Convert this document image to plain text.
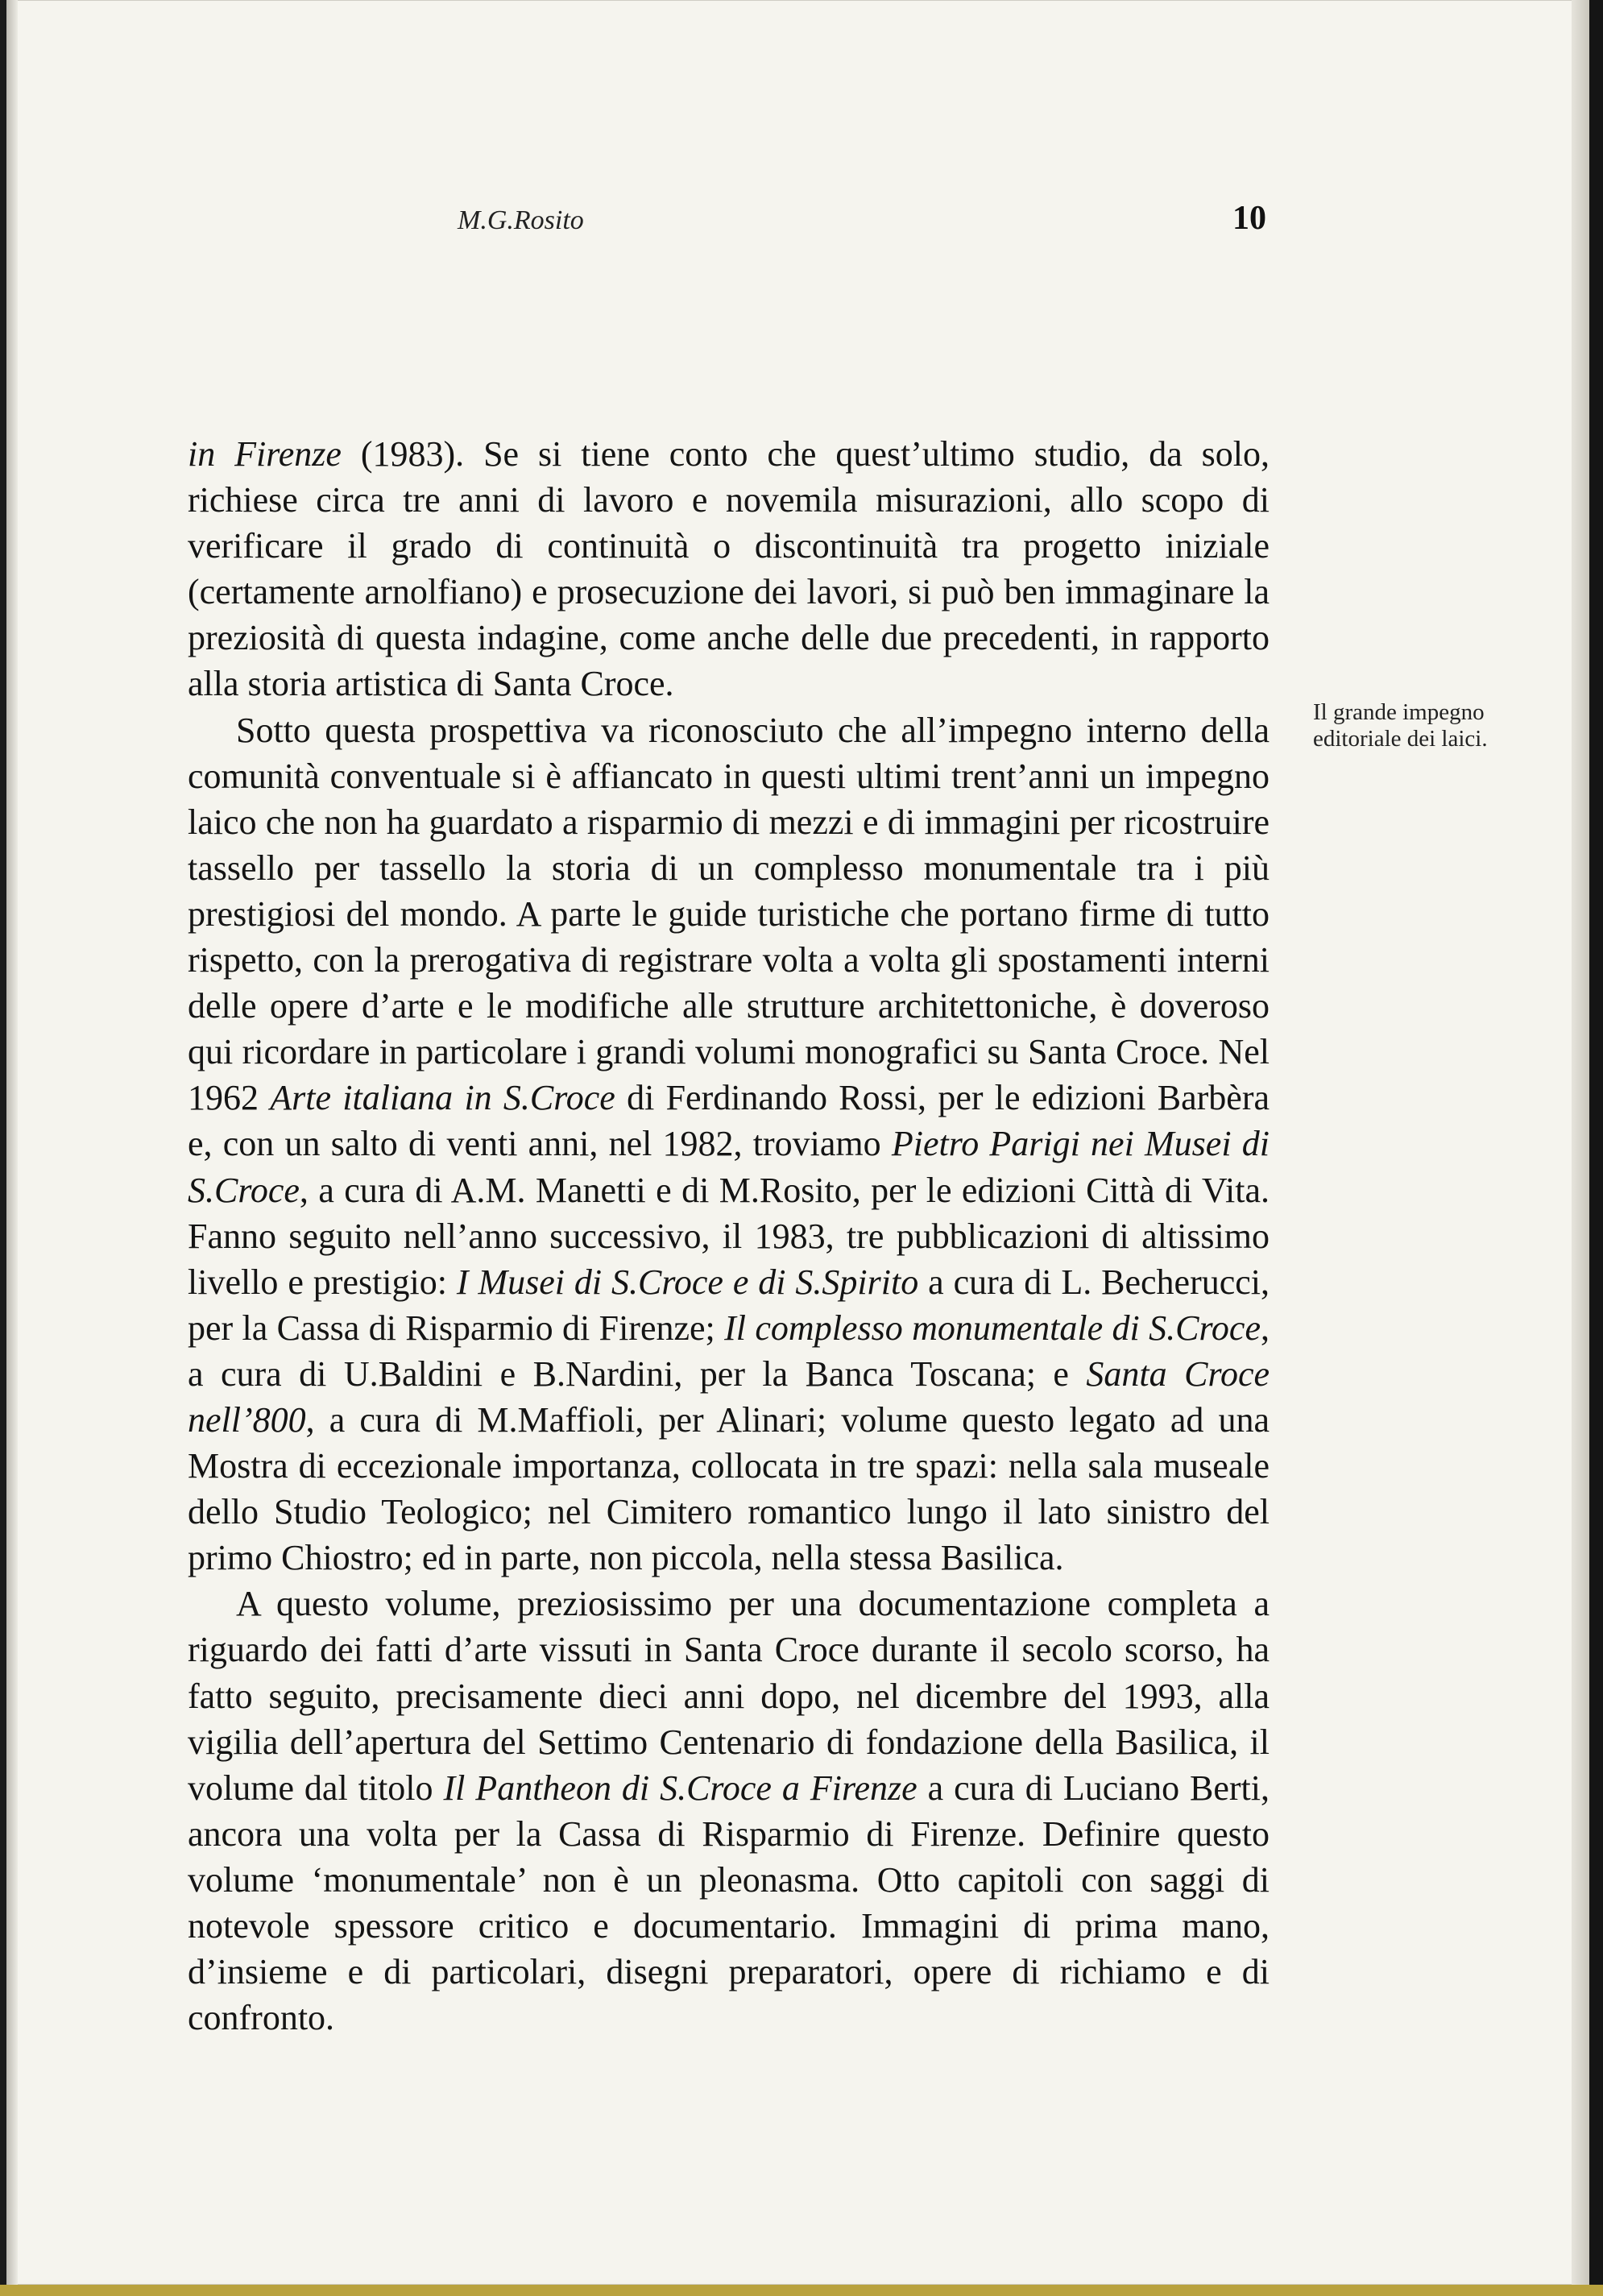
M.G.Rosito	10

in Firenze (1983). Se si tiene conto che quest’ultimo studio, da solo, richiese circa tre anni di lavoro e novemila misurazioni, allo scopo di verificare il grado di continuità o discontinuità tra progetto iniziale (certamente arnolfiano) e prosecuzione dei lavori, si può ben immaginare la preziosità di questa indagine, come anche delle due precedenti, in rapporto alla storia artistica di Santa Croce.

Sotto questa prospettiva va riconosciuto che all’impegno interno della comunità conventuale si è affiancato in questi ultimi trent’anni un impegno laico che non ha guardato a risparmio di mezzi e di immagini per ricostruire tassello per tassello la storia di un complesso monumentale tra i più prestigiosi del mondo. A parte le guide turistiche che portano firme di tutto rispetto, con la prerogativa di registrare volta a volta gli spostamenti interni delle opere d’arte e le modifiche alle strutture architettoniche, è doveroso qui ricordare in particolare i grandi volumi monografici su Santa Croce. Nel 1962 Arte italiana in S.Croce di Ferdinando Rossi, per le edizioni Barbèra e, con un salto di venti anni, nel 1982, troviamo Pietro Parigi nei Musei di S.Croce, a cura di A.M. Manetti e di M.Rosito, per le edizioni Città di Vita. Fanno seguito nell’anno successivo, il 1983, tre pubblicazioni di altissimo livello e prestigio: I Musei di S.Croce e di S.Spirito a cura di L. Becherucci, per la Cassa di Risparmio di Firenze; Il complesso monumentale di S.Croce, a cura di U.Baldini e B.Nardini, per la Banca Toscana; e Santa Croce nell’800, a cura di M.Maffioli, per Alinari; volume questo legato ad una Mostra di eccezionale importanza, collocata in tre spazi: nella sala museale dello Studio Teologico; nel Cimitero romantico lungo il lato sinistro del primo Chiostro; ed in parte, non piccola, nella stessa Basilica.

A questo volume, preziosissimo per una documentazione completa a riguardo dei fatti d’arte vissuti in Santa Croce durante il secolo scorso, ha fatto seguito, precisamente dieci anni dopo, nel dicembre del 1993, alla vigilia dell’apertura del Settimo Centenario di fondazione della Basilica, il volume dal titolo Il Pantheon di S.Croce a Firenze a cura di Luciano Berti, ancora una volta per la Cassa di Risparmio di Firenze. Definire questo volume ‘monumentale’ non è un pleonasma. Otto capitoli con saggi di notevole spessore critico e documentario. Immagini di prima mano, d’insieme e di particolari, disegni preparatori, opere di richiamo e di confronto.

Il grande impegno
editoriale dei laici.
